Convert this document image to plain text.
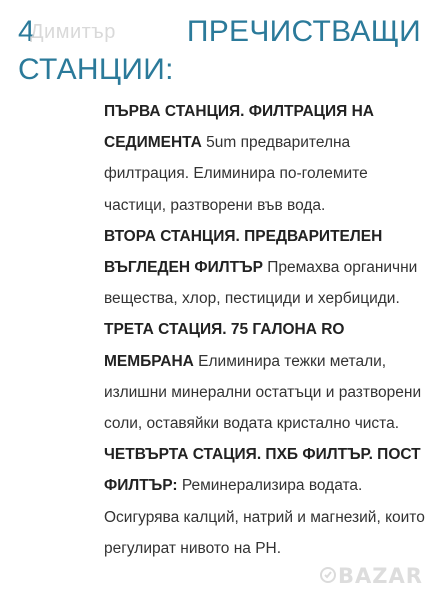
4
Димитър ПРЕЧИСТВАЩИ
СТАНЦИИ:

ПЪРВА СТАНЦИЯ. ФИЛТРАЦИЯ НА СЕДИМЕНТА 5um предварителна филтрация. Елиминира по-големите частици, разтворени във вода.

ВТОРА СТАНЦИЯ. ПРЕДВАРИТЕЛЕН ВЪГЛЕДЕН ФИЛТЪР Премахва органични вещества, хлор, пестициди и хербициди.

ТРЕТА СТАЦИЯ. 75 ГАЛОНА RO МЕМБРАНА Елиминира тежки метали, излишни минерални остатъци и разтворени соли, оставяйки водата кристално чиста.

ЧЕТВЪРТА СТАЦИЯ. ПХБ ФИЛТЪР. ПОСТ ФИЛТЪР: Реминерализира водата. Осигурява калций, натрий и магнезий, които регулират нивото на PH.

BAZAR
